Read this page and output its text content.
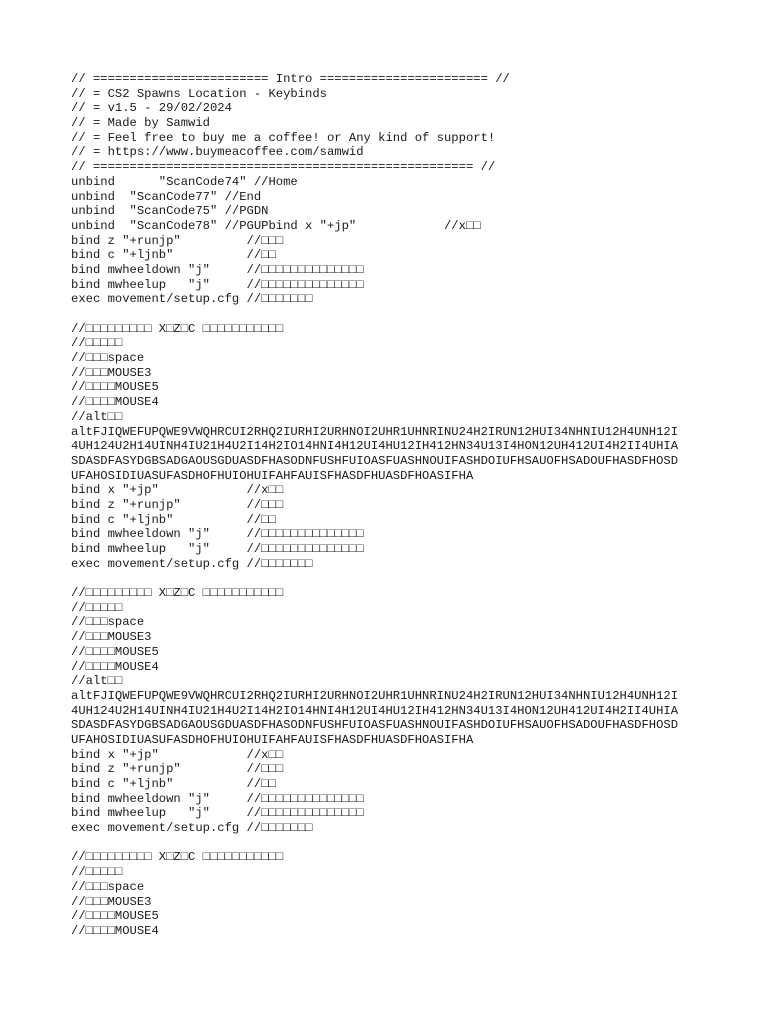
// ======================== Intro ======================= //
// = CS2 Spawns Location - Keybinds
// = v1.5 - 29/02/2024
// = Made by Samwid
// = Feel free to buy me a coffee! or Any kind of support!
// = https://www.buymeacoffee.com/samwid
// ==================================================== //
unbind      "ScanCode74" //Home
unbind  "ScanCode77" //End
unbind  "ScanCode75" //PGDN
unbind  "ScanCode78" //PGUPbind x "+jp"            //x□□
bind z "+runjp"         //□□□
bind c "+ljnb"          //□□
bind mwheeldown "j"     //□□□□□□□□□□□□□□
bind mwheelup   "j"     //□□□□□□□□□□□□□□
exec movement/setup.cfg //□□□□□□□
//□□□□□□□□□ X□Z□C □□□□□□□□□□□
//□□□□□
//□□□space
//□□□MOUSE3
//□□□□MOUSE5
//□□□□MOUSE4
//alt□□
altFJIQWEFUPQWE9VWQHRCUI2RHQ2IURHI2URHNOI2UHR1UHNRINU24H2IRUN12HUI34NHNIU12H4UNH12I
4UH124U2H14UINH4IU21H4U2I14H2IO14HNI4H12UI4HU12IH412HN34U13I4HON12UH412UI4H2II4UHIA
SDASDFASYDGBSADGAOUSGDUASDFHASODNFUSHFUIOASFUASHNOUIFASHDOIUFHSAUOFHSADOUFHASDFHOSD
UFAHOSIDIUASUFASDHOFHUIOHUIFAHFAUISFHASDFHUASDFHOASIFHA
bind x "+jp"            //x□□
bind z "+runjp"         //□□□
bind c "+ljnb"          //□□
bind mwheeldown "j"     //□□□□□□□□□□□□□□
bind mwheelup   "j"     //□□□□□□□□□□□□□□
exec movement/setup.cfg //□□□□□□□
//□□□□□□□□□ X□Z□C □□□□□□□□□□□
//□□□□□
//□□□space
//□□□MOUSE3
//□□□□MOUSE5
//□□□□MOUSE4
//alt□□
altFJIQWEFUPQWE9VWQHRCUI2RHQ2IURHI2URHNOI2UHR1UHNRINU24H2IRUN12HUI34NHNIU12H4UNH12I
4UH124U2H14UINH4IU21H4U2I14H2IO14HNI4H12UI4HU12IH412HN34U13I4HON12UH412UI4H2II4UHIA
SDASDFASYDGBSADGAOUSGDUASDFHASODNFUSHFUIOASFUASHNOUIFASHDOIUFHSAUOFHSADOUFHASDFHOSD
UFAHOSIDIUASUFASDHOFHUIOHUIFAHFAUISFHASDFHUASDFHOASIFHA
bind x "+jp"            //x□□
bind z "+runjp"         //□□□
bind c "+ljnb"          //□□
bind mwheeldown "j"     //□□□□□□□□□□□□□□
bind mwheelup   "j"     //□□□□□□□□□□□□□□
exec movement/setup.cfg //□□□□□□□
//□□□□□□□□□ X□Z□C □□□□□□□□□□□
//□□□□□
//□□□space
//□□□MOUSE3
//□□□□MOUSE5
//□□□□MOUSE4
